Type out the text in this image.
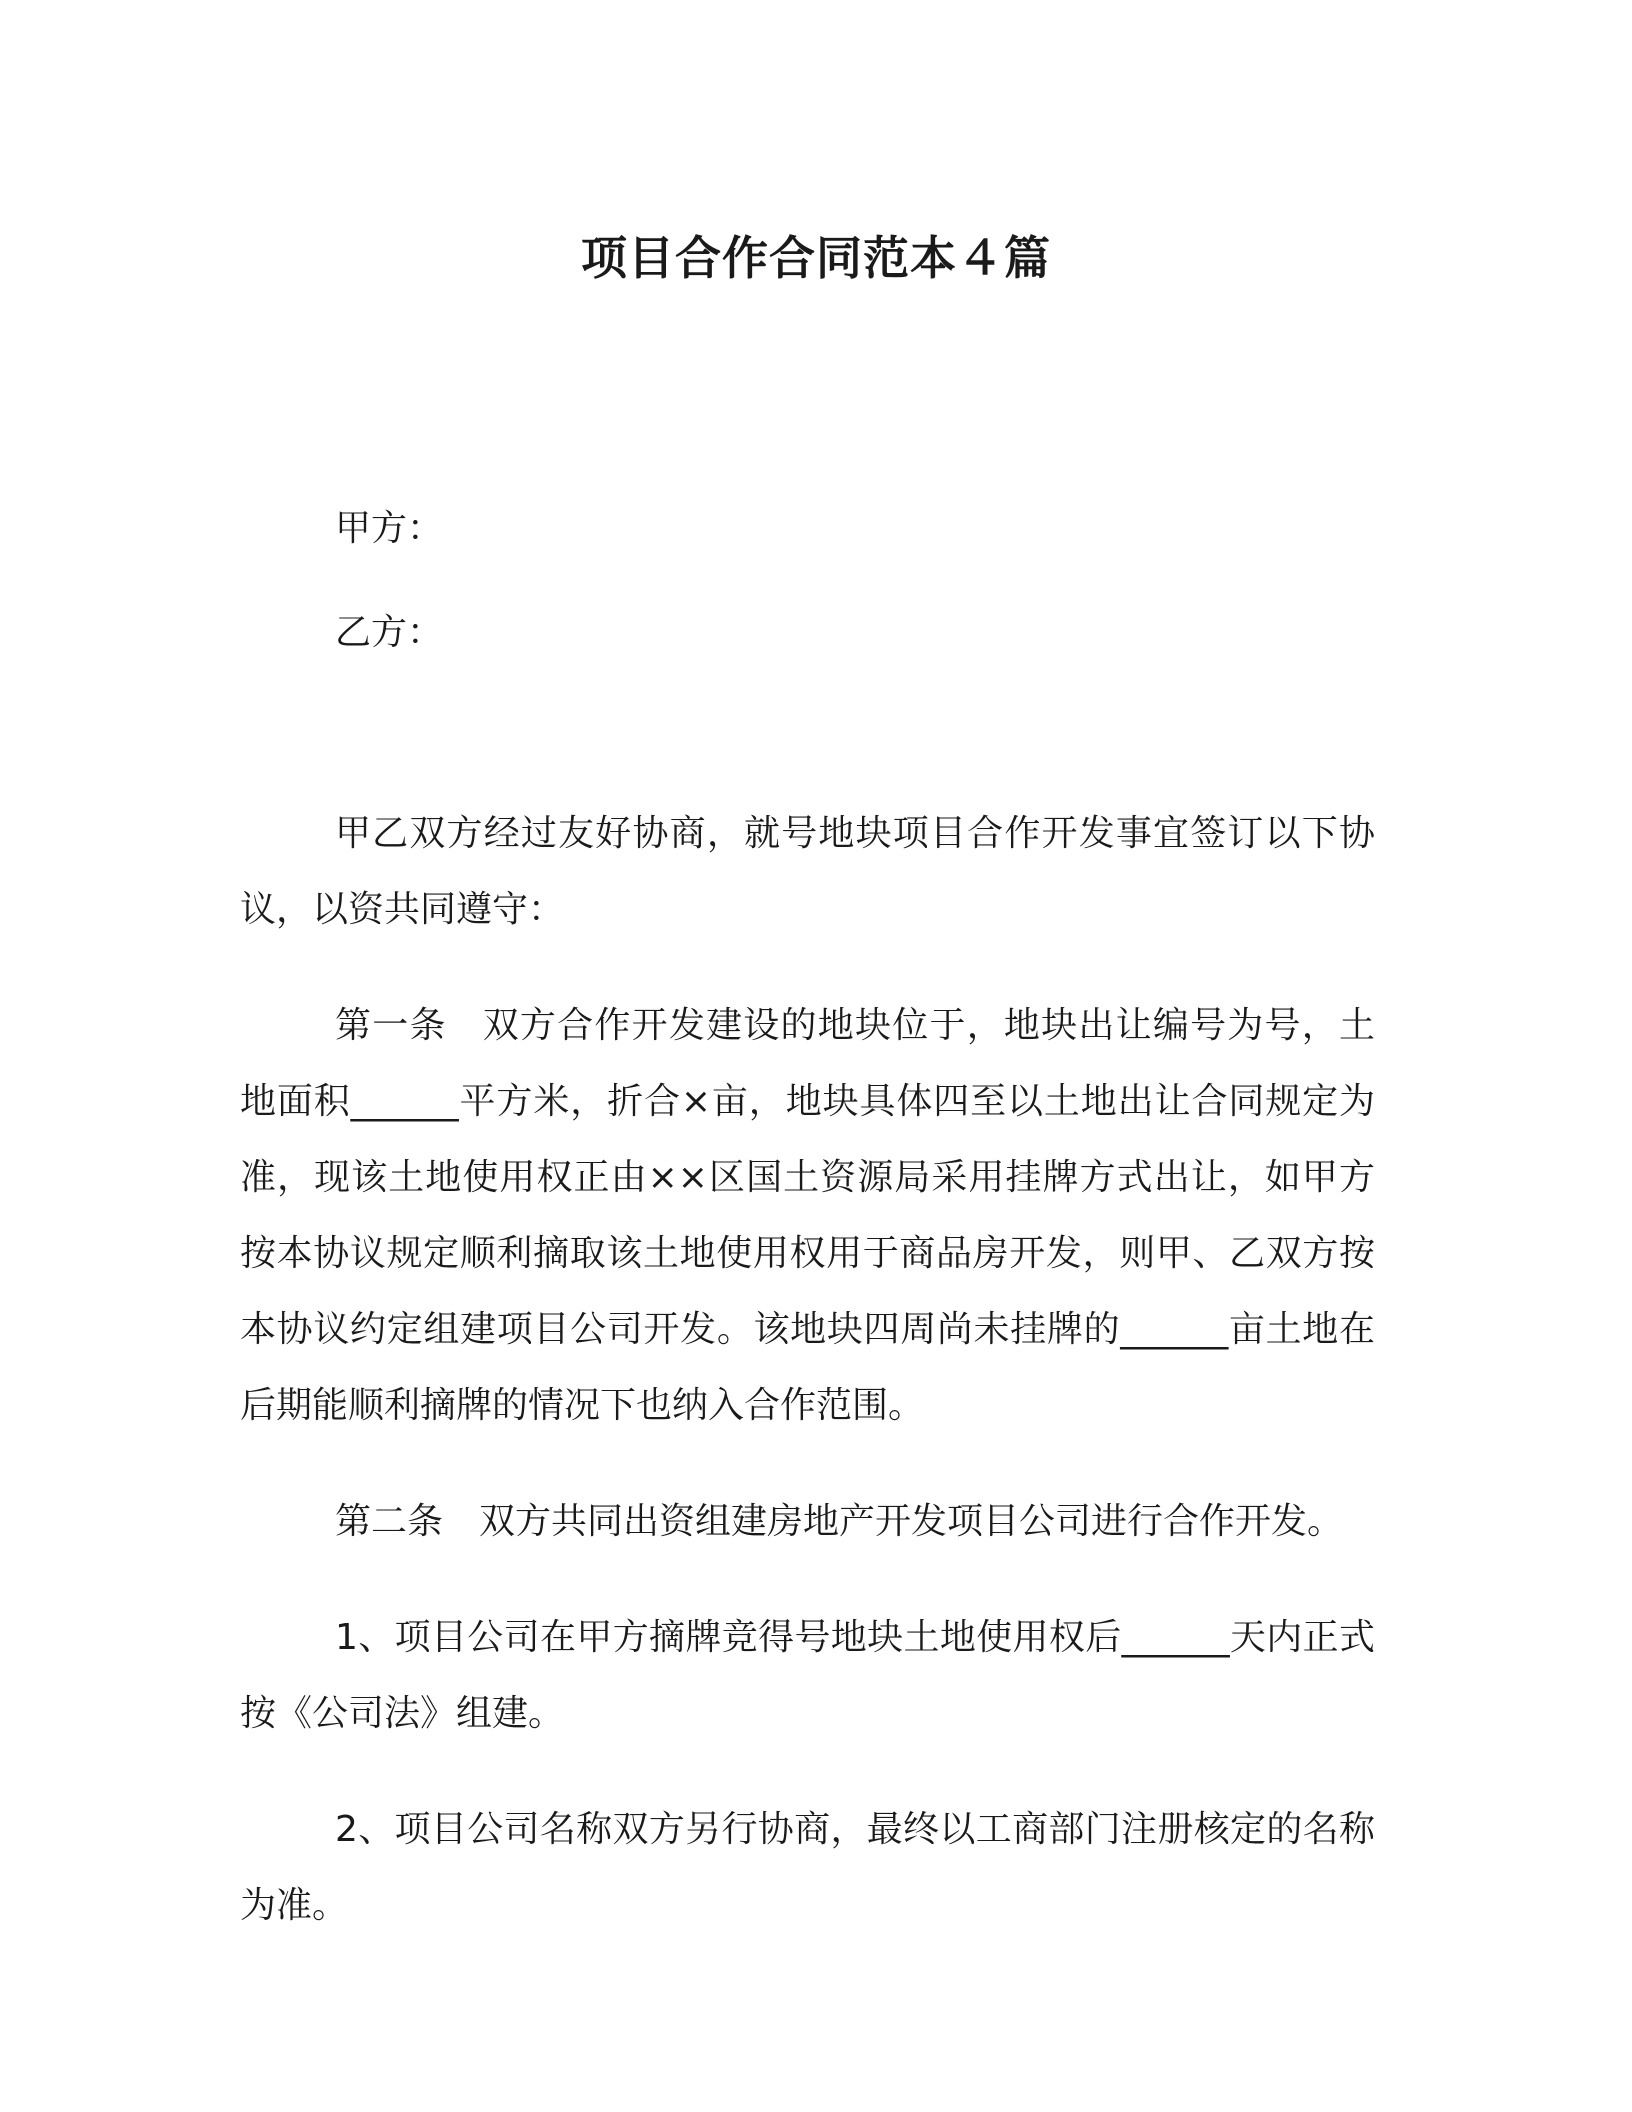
项目合作合同范本４篇

甲方：

乙方：

甲乙双方经过友好协商，就号地块项目合作开发事宜签订以下协议，以资共同遵守：

第一条 双方合作开发建设的地块位于，地块出让编号为号，土地面积______平方米，折合×亩，地块具体四至以土地出让合同规定为准，现该土地使用权正由××区国土资源局采用挂牌方式出让，如甲方按本协议规定顺利摘取该土地使用权用于商品房开发，则甲、乙双方按本协议约定组建项目公司开发。该地块四周尚未挂牌的______亩土地在后期能顺利摘牌的情况下也纳入合作范围。

第二条 双方共同出资组建房地产开发项目公司进行合作开发。

1、项目公司在甲方摘牌竞得号地块土地使用权后______天内正式按《公司法》组建。

2、项目公司名称双方另行协商，最终以工商部门注册核定的名称为准。
